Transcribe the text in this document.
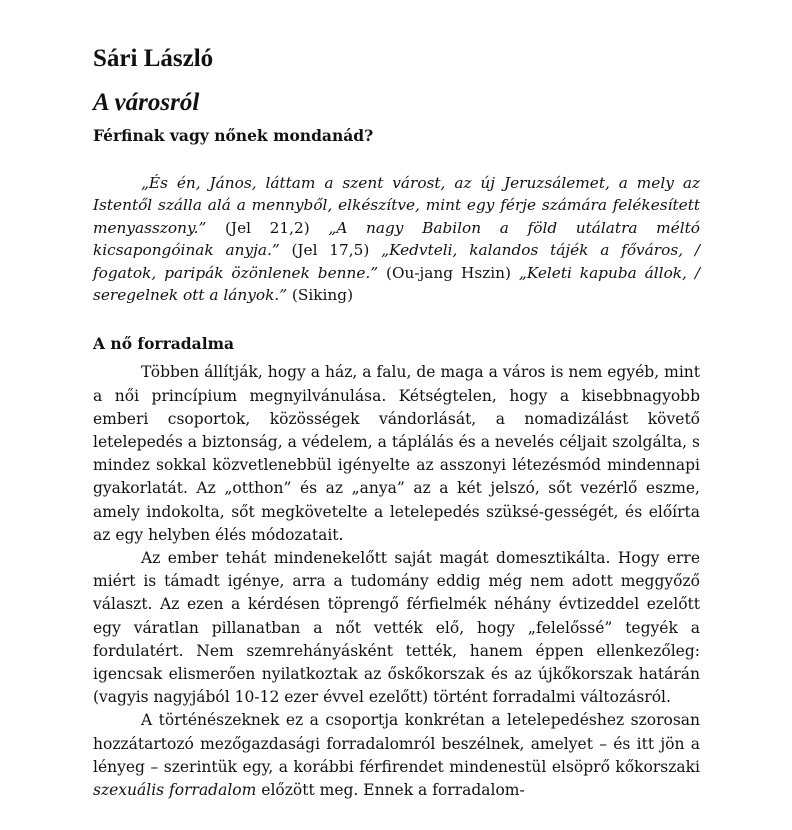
Sári László
A városról
Férfinak vagy nőnek mondanád?

„És én, János, láttam a szent várost, az új Jeruzsálemet, a mely az Istentől szálla alá a mennyből, elkészítve, mint egy férje számára felékesített menyasszony.” (Jel 21,2) „A nagy Babilon a föld utálatra méltó kicsapongóinak anyja.” (Jel 17,5) „Kedvteli, kalandos tájék a főváros, / fogatok, paripák özönlenek benne.” (Ou-jang Hszin) „Keleti kapuba állok, / seregelnek ott a lányok.” (Siking)

A nő forradalma

Többen állítják, hogy a ház, a falu, de maga a város is nem egyéb, mint a női princípium megnyilvánulása. Kétségtelen, hogy a kisebbnagyobb emberi csoportok, közösségek vándorlását, a nomadizálást követő letelepedés a biztonság, a védelem, a táplálás és a nevelés céljait szolgálta, s mindez sokkal közvetlenebbül igényelte az asszonyi létezésmód mindennapi gyakorlatát. Az „otthon” és az „anya” az a két jelszó, sőt vezérlő eszme, amely indokolta, sőt megkövetelte a letelepedés szüksé-gességét, és előírta az egy helyben élés módozatait.

Az ember tehát mindenekelőtt saját magát domesztikálta. Hogy erre miért is támadt igénye, arra a tudomány eddig még nem adott meggyőző választ. Az ezen a kérdésen töprengő férfielmék néhány évtizeddel ezelőtt egy váratlan pillanatban a nőt vették elő, hogy „felelőssé” tegyék a fordulatért. Nem szemrehányásként tették, hanem éppen ellenkezőleg: igencsak elismerően nyilatkoztak az őskőkorszak és az újkőkorszak határán (vagyis nagyjából 10-12 ezer évvel ezelőtt) történt forradalmi változásról.

A történészeknek ez a csoportja konkrétan a letelepedéshez szorosan hozzátartozó mezőgazdasági forradalomról beszélnek, amelyet – és itt jön a lényeg – szerintük egy, a korábbi férfirendet mindenestül elsöprő kőkorszaki szexuális forradalom előzött meg. Ennek a forradalom-
